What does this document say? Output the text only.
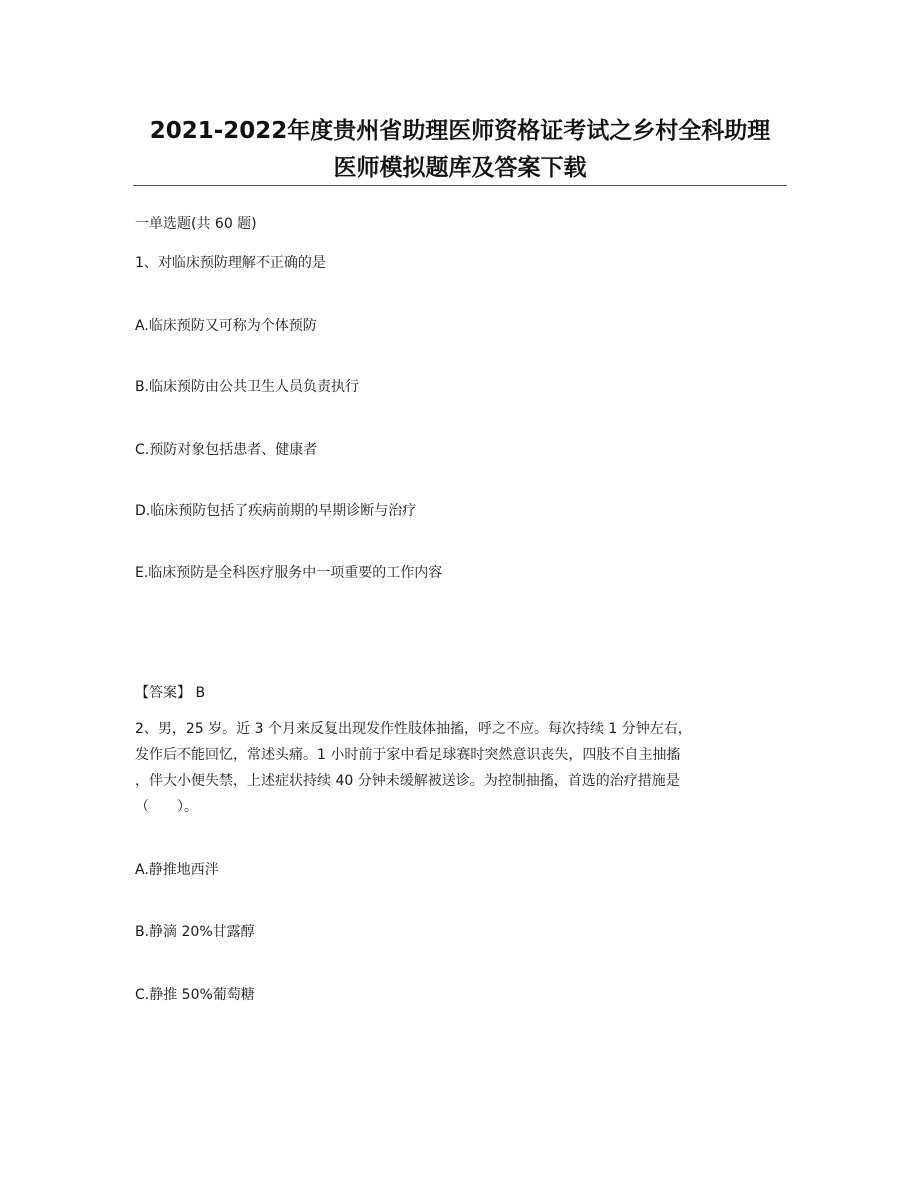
2021-2022年度贵州省助理医师资格证考试之乡村全科助理
医师模拟题库及答案下载
一单选题(共 60 题)
1、对临床预防理解不正确的是
A.临床预防又可称为个体预防
B.临床预防由公共卫生人员负责执行
C.预防对象包括患者、健康者
D.临床预防包括了疾病前期的早期诊断与治疗
E.临床预防是全科医疗服务中一项重要的工作内容
【答案】 B
2、男，25 岁。近 3 个月来反复出现发作性肢体抽搐，呼之不应。每次持续 1 分钟左右，
发作后不能回忆，常述头痛。1 小时前于家中看足球赛时突然意识丧失，四肢不自主抽搐
，伴大小便失禁，上述症状持续 40 分钟未缓解被送诊。为控制抽搐，首选的治疗措施是
（　　）。
A.静推地西泮
B.静滴 20%甘露醇
C.静推 50%葡萄糖
